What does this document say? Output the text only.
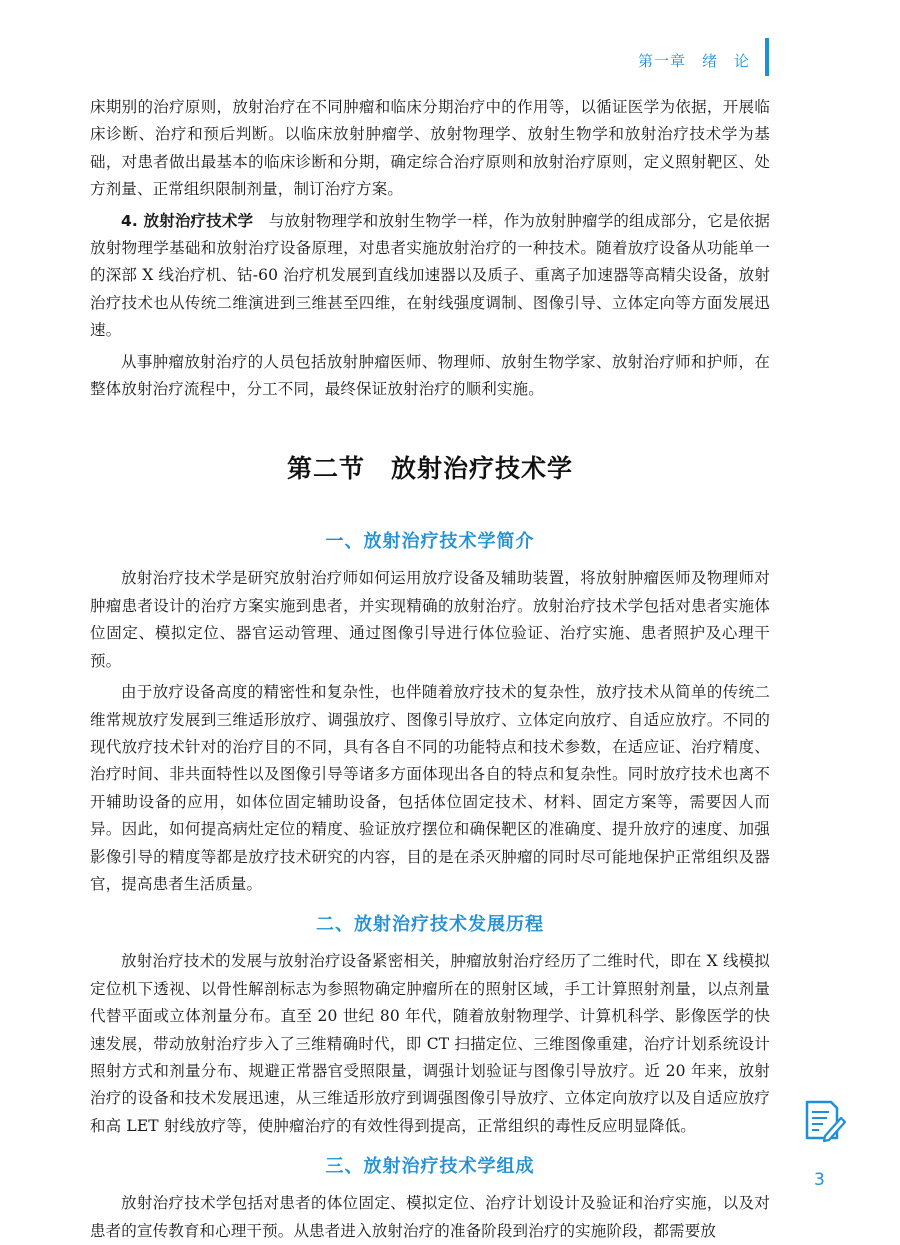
第一章　绪　论

床期别的治疗原则，放射治疗在不同肿瘤和临床分期治疗中的作用等，以循证医学为依据，开展临床诊断、治疗和预后判断。以临床放射肿瘤学、放射物理学、放射生物学和放射治疗技术学为基础，对患者做出最基本的临床诊断和分期，确定综合治疗原则和放射治疗原则，定义照射靶区、处方剂量、正常组织限制剂量，制订治疗方案。

4. 放射治疗技术学　与放射物理学和放射生物学一样，作为放射肿瘤学的组成部分，它是依据放射物理学基础和放射治疗设备原理，对患者实施放射治疗的一种技术。随着放疗设备从功能单一的深部 X 线治疗机、钴-60 治疗机发展到直线加速器以及质子、重离子加速器等高精尖设备，放射治疗技术也从传统二维演进到三维甚至四维，在射线强度调制、图像引导、立体定向等方面发展迅速。

从事肿瘤放射治疗的人员包括放射肿瘤医师、物理师、放射生物学家、放射治疗师和护师，在整体放射治疗流程中，分工不同，最终保证放射治疗的顺利实施。

第二节　放射治疗技术学
一、放射治疗技术学简介

放射治疗技术学是研究放射治疗师如何运用放疗设备及辅助装置，将放射肿瘤医师及物理师对肿瘤患者设计的治疗方案实施到患者，并实现精确的放射治疗。放射治疗技术学包括对患者实施体位固定、模拟定位、器官运动管理、通过图像引导进行体位验证、治疗实施、患者照护及心理干预。

由于放疗设备高度的精密性和复杂性，也伴随着放疗技术的复杂性，放疗技术从简单的传统二维常规放疗发展到三维适形放疗、调强放疗、图像引导放疗、立体定向放疗、自适应放疗。不同的现代放疗技术针对的治疗目的不同，具有各自不同的功能特点和技术参数，在适应证、治疗精度、治疗时间、非共面特性以及图像引导等诸多方面体现出各自的特点和复杂性。同时放疗技术也离不开辅助设备的应用，如体位固定辅助设备，包括体位固定技术、材料、固定方案等，需要因人而异。因此，如何提高病灶定位的精度、验证放疗摆位和确保靶区的准确度、提升放疗的速度、加强影像引导的精度等都是放疗技术研究的内容，目的是在杀灭肿瘤的同时尽可能地保护正常组织及器官，提高患者生活质量。

二、放射治疗技术发展历程

放射治疗技术的发展与放射治疗设备紧密相关，肿瘤放射治疗经历了二维时代，即在 X 线模拟定位机下透视、以骨性解剖标志为参照物确定肿瘤所在的照射区域，手工计算照射剂量，以点剂量代替平面或立体剂量分布。直至 20 世纪 80 年代，随着放射物理学、计算机科学、影像医学的快速发展，带动放射治疗步入了三维精确时代，即 CT 扫描定位、三维图像重建，治疗计划系统设计照射方式和剂量分布、规避正常器官受照限量，调强计划验证与图像引导放疗。近 20 年来，放射治疗的设备和技术发展迅速，从三维适形放疗到调强图像引导放疗、立体定向放疗以及自适应放疗和高 LET 射线放疗等，使肿瘤治疗的有效性得到提高，正常组织的毒性反应明显降低。

三、放射治疗技术学组成

放射治疗技术学包括对患者的体位固定、模拟定位、治疗计划设计及验证和治疗实施，以及对患者的宣传教育和心理干预。从患者进入放射治疗的准备阶段到治疗的实施阶段，都需要放

3
